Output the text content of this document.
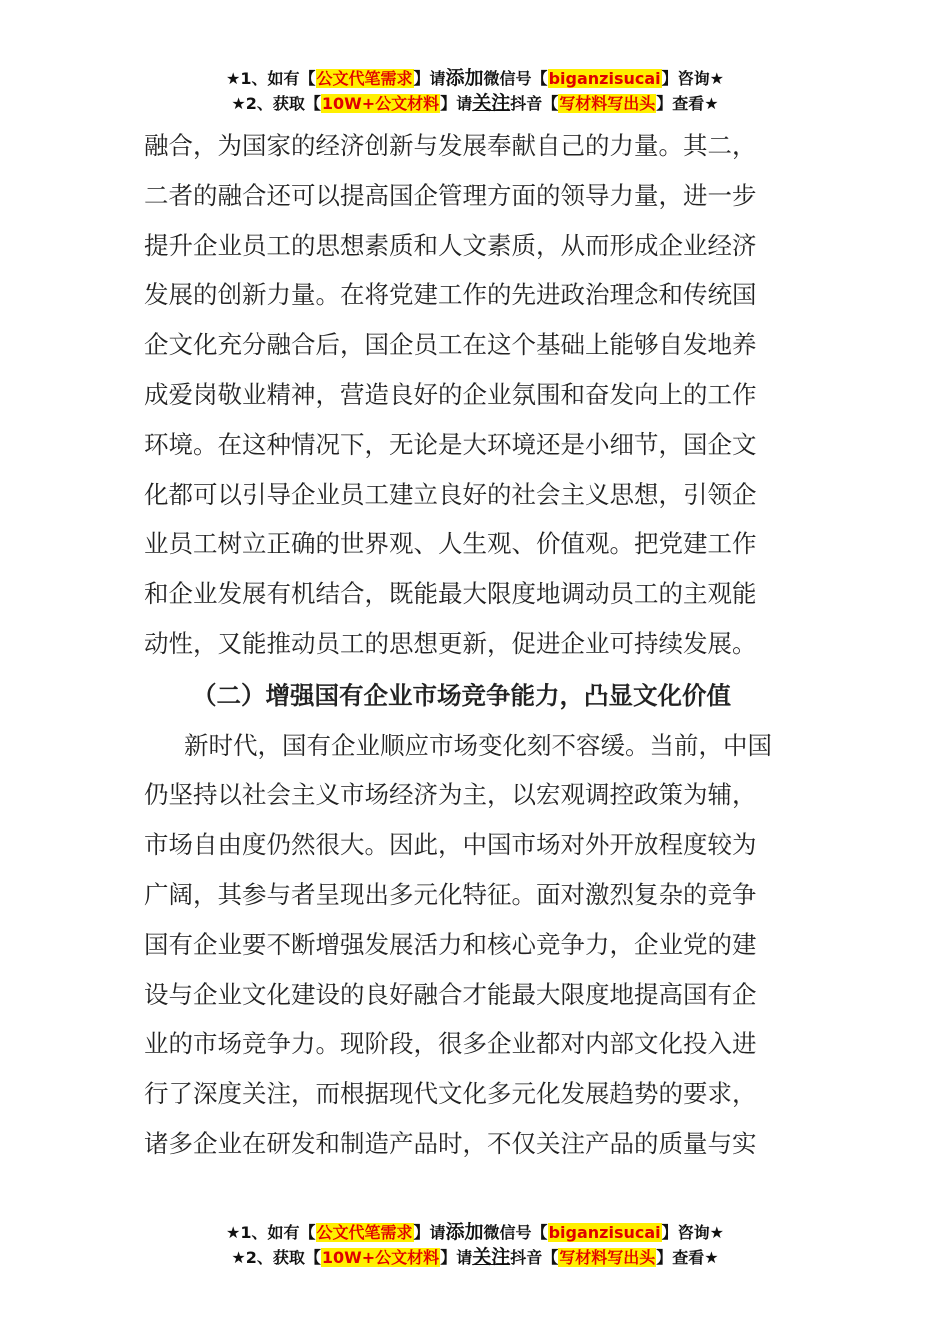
★1、如有【公文代笔需求】请添加微信号【biganzisucai】咨询★
★2、获取【10W+公文材料】请关注抖音【写材料写出头】查看★

融合，为国家的经济创新与发展奉献自己的力量。其二，

二者的融合还可以提高国企管理方面的领导力量，进一步

提升企业员工的思想素质和人文素质，从而形成企业经济

发展的创新力量。在将党建工作的先进政治理念和传统国

企文化充分融合后，国企员工在这个基础上能够自发地养

成爱岗敬业精神，营造良好的企业氛围和奋发向上的工作

环境。在这种情况下，无论是大环境还是小细节，国企文

化都可以引导企业员工建立良好的社会主义思想，引领企

业员工树立正确的世界观、人生观、价值观。把党建工作

和企业发展有机结合，既能最大限度地调动员工的主观能

动性，又能推动员工的思想更新，促进企业可持续发展。

（二）增强国有企业市场竞争能力，凸显文化价值

新时代，国有企业顺应市场变化刻不容缓。当前，中国

仍坚持以社会主义市场经济为主，以宏观调控政策为辅，

市场自由度仍然很大。因此，中国市场对外开放程度较为

广阔，其参与者呈现出多元化特征。面对激烈复杂的竞争

国有企业要不断增强发展活力和核心竞争力，企业党的建

设与企业文化建设的良好融合才能最大限度地提高国有企

业的市场竞争力。现阶段，很多企业都对内部文化投入进

行了深度关注，而根据现代文化多元化发展趋势的要求，

诸多企业在研发和制造产品时，不仅关注产品的质量与实

★1、如有【公文代笔需求】请添加微信号【biganzisucai】咨询★
★2、获取【10W+公文材料】请关注抖音【写材料写出头】查看★
